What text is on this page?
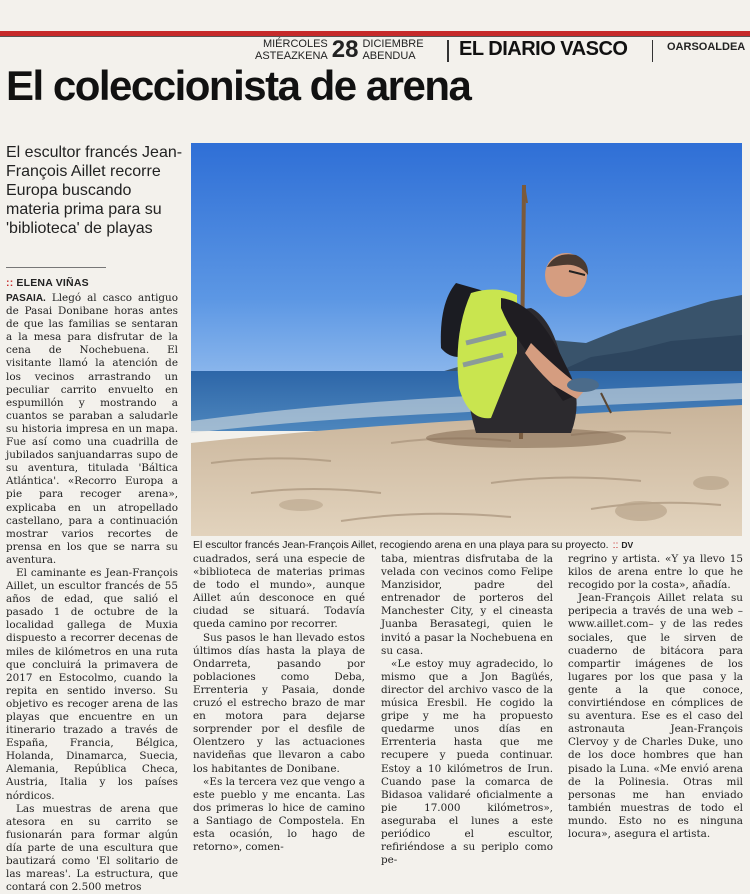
MIÉRCOLES
ASTEAZKENA 28 DICIEMBRE
ABENDUA	EL DIARIO VASCO	OARSOALDEA
El coleccionista de arena
El escultor francés Jean-François Aillet recorre Europa buscando materia prima para su 'biblioteca' de playas
:: ELENA VIÑAS
El escultor francés Jean-François Aillet, recogiendo arena en una playa para su proyecto. :: DV

PASAIA. Llegó al casco antiguo de Pasai Donibane horas antes de que las familias se sentaran a la mesa para disfrutar de la cena de Nochebuena. El visitante llamó la atención de los vecinos arrastrando un peculiar carrito envuelto en espumillón y mostrando a cuantos se paraban a saludarle su historia impresa en un mapa. Fue así como una cuadrilla de jubilados sanjuandarras supo de su aventura, titulada 'Báltica Atlántica'. «Recorro Europa a pie para recoger arena», explicaba en un atropellado castellano, para a continuación mostrar varios recortes de prensa en los que se narra su aventura.

El caminante es Jean-François Aillet, un escultor francés de 55 años de edad, que salió el pasado 1 de octubre de la localidad gallega de Muxia dispuesto a recorrer decenas de miles de kilómetros en una ruta que concluirá la primavera de 2017 en Estocolmo, cuando la repita en sentido inverso. Su objetivo es recoger arena de las playas que encuentre en un itinerario trazado a través de España, Francia, Bélgica, Holanda, Dinamarca, Suecia, Alemania, República Checa, Austria, Italia y los países nórdicos.

Las muestras de arena que atesora en su carrito se fusionarán para formar algún día parte de una escultura que bautizará como 'El solitario de las mareas'. La estructura, que contará con 2.500 metros

cuadrados, será una especie de «biblioteca de materias primas de todo el mundo», aunque Aillet aún desconoce en qué ciudad se situará. Todavía queda camino por recorrer.

Sus pasos le han llevado estos últimos días hasta la playa de Ondarreta, pasando por poblaciones como Deba, Errenteria y Pasaia, donde cruzó el estrecho brazo de mar en motora para dejarse sorprender por el desfile de Olentzero y las actuaciones navideñas que llevaron a cabo los habitantes de Donibane.

«Es la tercera vez que vengo a este pueblo y me encanta. Las dos primeras lo hice de camino a Santiago de Compostela. En esta ocasión, lo hago de retorno», comen-

taba, mientras disfrutaba de la velada con vecinos como Felipe Manzisidor, padre del entrenador de porteros del Manchester City, y el cineasta Juanba Berasategi, quien le invitó a pasar la Nochebuena en su casa.

«Le estoy muy agradecido, lo mismo que a Jon Bagüés, director del archivo vasco de la música Eresbil. He cogido la gripe y me ha propuesto quedarme unos días en Errenteria hasta que me recupere y pueda continuar. Estoy a 10 kilómetros de Irun. Cuando pase la comarca de Bidasoa validaré oficialmente a pie 17.000 kilómetros», aseguraba el lunes a este periódico el escultor, refiriéndose a su periplo como pe-

regrino y artista. «Y ya llevo 15 kilos de arena entre lo que he recogido por la costa», añadía.

Jean-François Aillet relata su peripecia a través de una web –www.aillet.com– y de las redes sociales, que le sirven de cuaderno de bitácora para compartir imágenes de los lugares por los que pasa y la gente a la que conoce, convirtiéndose en cómplices de su aventura. Ese es el caso del astronauta Jean-François Clervoy y de Charles Duke, uno de los doce hombres que han pisado la Luna. «Me envió arena de la Polinesia. Otras mil personas me han enviado también muestras de todo el mundo. Esto no es ninguna locura», asegura el artista.
